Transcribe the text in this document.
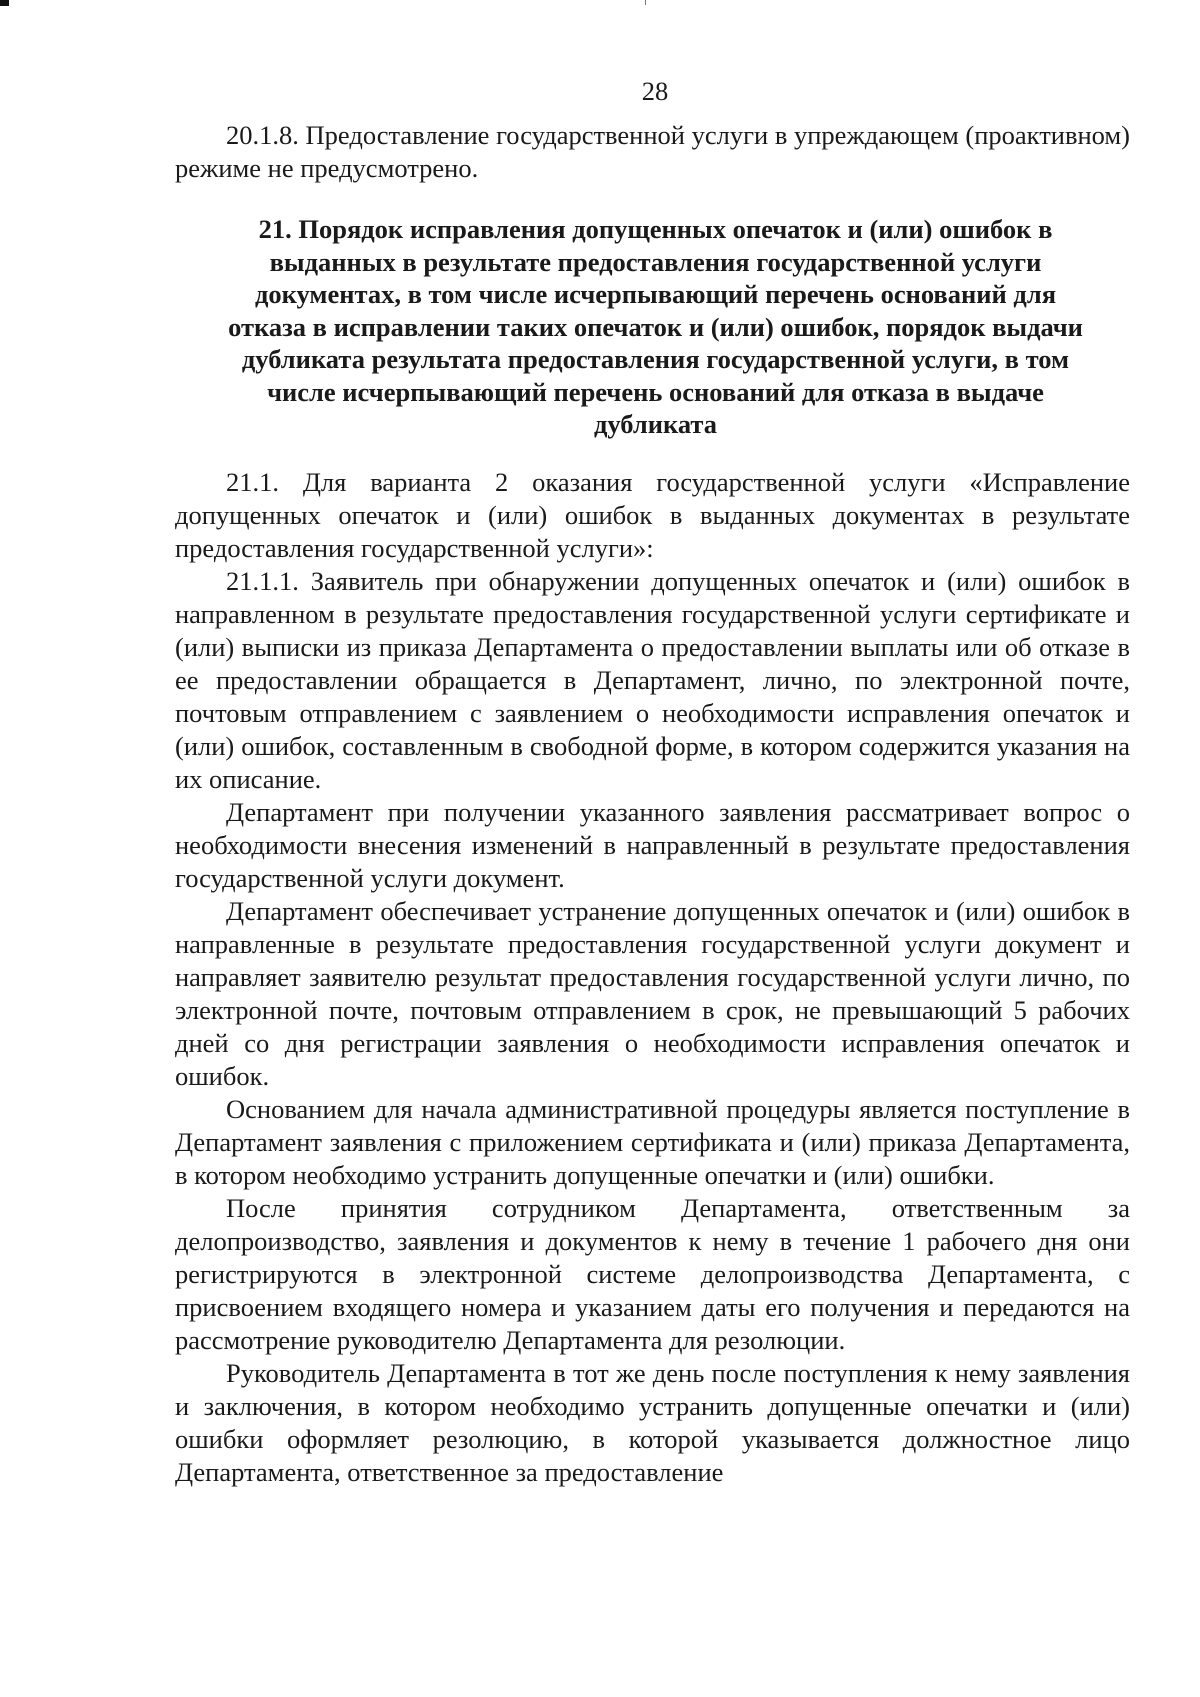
28

20.1.8. Предоставление государственной услуги в упреждающем (проактивном) режиме не предусмотрено.

21. Порядок исправления допущенных опечаток и (или) ошибок в
выданных в результате предоставления государственной услуги
документах, в том числе исчерпывающий перечень оснований для
отказа в исправлении таких опечаток и (или) ошибок, порядок выдачи
дубликата результата предоставления государственной услуги, в том
числе исчерпывающий перечень оснований для отказа в выдаче
дубликата

21.1. Для варианта 2 оказания государственной услуги «Исправление допущенных опечаток и (или) ошибок в выданных документах в результате предоставления государственной услуги»:

21.1.1. Заявитель при обнаружении допущенных опечаток и (или) ошибок в направленном в результате предоставления государственной услуги сертификате и (или) выписки из приказа Департамента о предоставлении выплаты или об отказе в ее предоставлении обращается в Департамент, лично, по электронной почте, почтовым отправлением с заявлением о необходимости исправления опечаток и (или) ошибок, составленным в свободной форме, в котором содержится указания на их описание.

Департамент при получении указанного заявления рассматривает вопрос о необходимости внесения изменений в направленный в результате предоставления государственной услуги документ.

Департамент обеспечивает устранение допущенных опечаток и (или) ошибок в направленные в результате предоставления государственной услуги документ и направляет заявителю результат предоставления государственной услуги лично, по электронной почте, почтовым отправлением в срок, не превышающий 5 рабочих дней со дня регистрации заявления о необходимости исправления опечаток и ошибок.

Основанием для начала административной процедуры является поступление в Департамент заявления с приложением сертификата и (или) приказа Департамента, в котором необходимо устранить допущенные опечатки и (или) ошибки.

После принятия сотрудником Департамента, ответственным за делопроизводство, заявления и документов к нему в течение 1 рабочего дня они регистрируются в электронной системе делопроизводства Департамента, с присвоением входящего номера и указанием даты его получения и передаются на рассмотрение руководителю Департамента для резолюции.

Руководитель Департамента в тот же день после поступления к нему заявления и заключения, в котором необходимо устранить допущенные опечатки и (или) ошибки оформляет резолюцию, в которой указывается должностное лицо Департамента, ответственное за предоставление
